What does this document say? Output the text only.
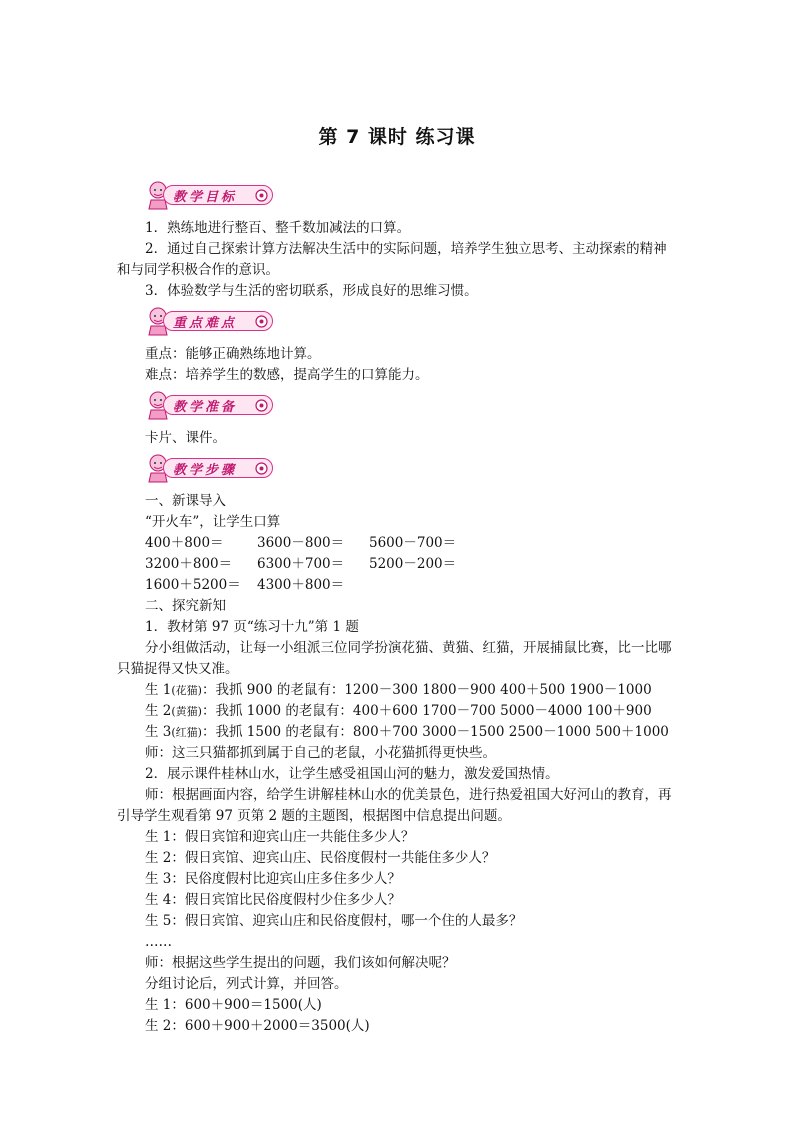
第 7 课时 练习课
教学目标
1．熟练地进行整百、整千数加减法的口算。
2．通过自己探索计算方法解决生活中的实际问题，培养学生独立思考、主动探索的精神和与同学积极合作的意识。
3．体验数学与生活的密切联系，形成良好的思维习惯。
重点难点
重点：能够正确熟练地计算。
难点：培养学生的数感，提高学生的口算能力。
教学准备
卡片、课件。
教学步骤
一、新课导入
“开火车”，让学生口算
400＋800＝	3600－800＝	5600－700＝
3200＋800＝	6300＋700＝	5200－200＝
1600＋5200＝	4300＋800＝
二、探究新知
1．教材第 97 页“练习十九”第 1 题
分小组做活动，让每一小组派三位同学扮演花猫、黄猫、红猫，开展捕鼠比赛，比一比哪只猫捉得又快又准。
生 1(花猫)：我抓 900 的老鼠有：1200－300 1800－900 400＋500 1900－1000
生 2(黄猫)：我抓 1000 的老鼠有：400＋600 1700－700 5000－4000 100＋900
生 3(红猫)：我抓 1500 的老鼠有：800＋700 3000－1500 2500－1000 500＋1000
师：这三只猫都抓到属于自己的老鼠，小花猫抓得更快些。
2．展示课件桂林山水，让学生感受祖国山河的魅力，激发爱国热情。
师：根据画面内容，给学生讲解桂林山水的优美景色，进行热爱祖国大好河山的教育，再引导学生观看第 97 页第 2 题的主题图，根据图中信息提出问题。
生 1：假日宾馆和迎宾山庄一共能住多少人？
生 2：假日宾馆、迎宾山庄、民俗度假村一共能住多少人？
生 3：民俗度假村比迎宾山庄多住多少人？
生 4：假日宾馆比民俗度假村少住多少人？
生 5：假日宾馆、迎宾山庄和民俗度假村，哪一个住的人最多？
……
师：根据这些学生提出的问题，我们该如何解决呢？
分组讨论后，列式计算，并回答。
生 1：600＋900＝1500(人)
生 2：600＋900＋2000＝3500(人)
